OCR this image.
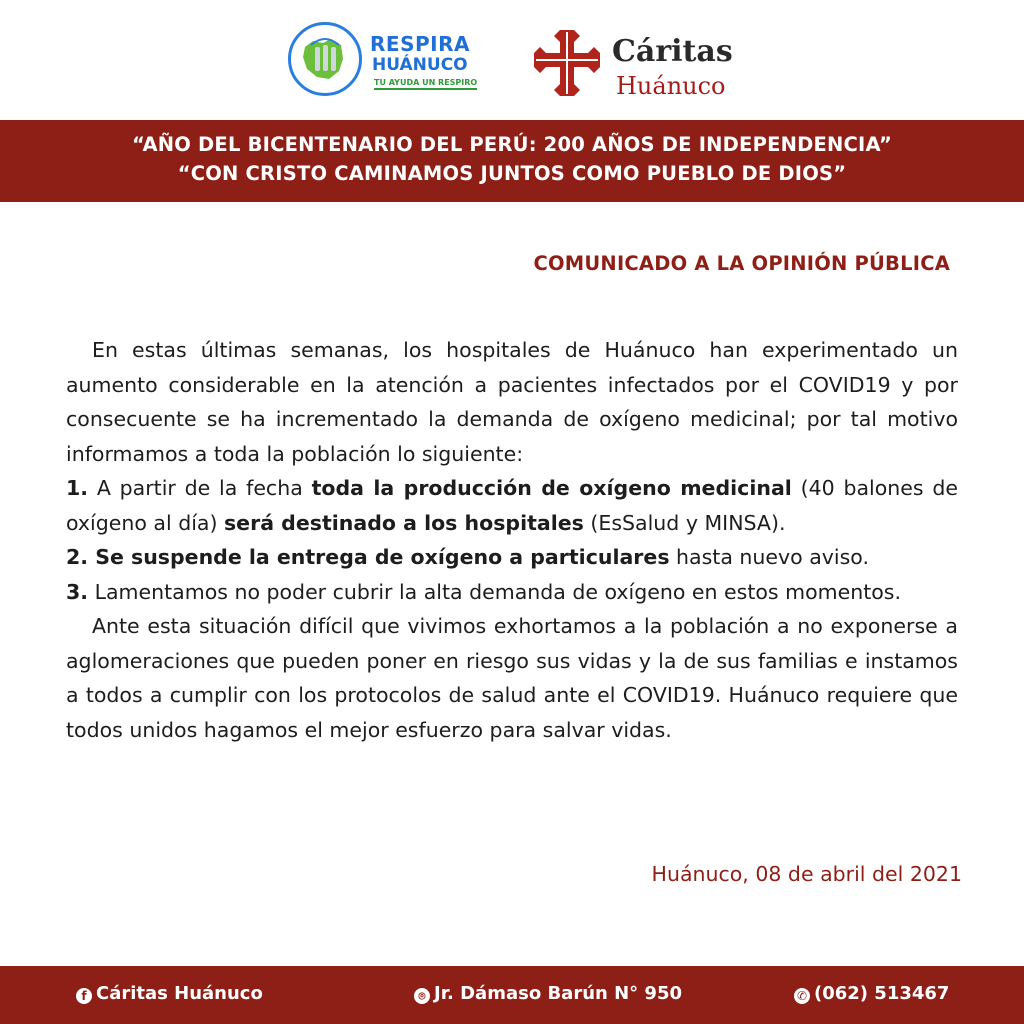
RESPIRA
HUÁNUCO
TU AYUDA UN RESPIRO
Cáritas
Huánuco
“AÑO DEL BICENTENARIO DEL PERÚ: 200 AÑOS DE INDEPENDENCIA”
“CON CRISTO CAMINAMOS JUNTOS COMO PUEBLO DE DIOS”
COMUNICADO A LA OPINIÓN PÚBLICA

En estas últimas semanas, los hospitales de Huánuco han experimentado un aumento considerable en la atención a pacientes infectados por el COVID19 y por consecuente se ha incrementado la demanda de oxígeno medicinal; por tal motivo informamos a toda la población lo siguiente:

1. A partir de la fecha toda la producción de oxígeno medicinal (40 balones de oxígeno al día) será destinado a los hospitales (EsSalud y MINSA).

2. Se suspende la entrega de oxígeno a particulares hasta nuevo aviso.

3. Lamentamos no poder cubrir la alta demanda de oxígeno en estos momentos.

Ante esta situación difícil que vivimos exhortamos a la población a no exponerse a aglomeraciones que pueden poner en riesgo sus vidas y la de sus familias e instamos a todos a cumplir con los protocolos de salud ante el COVID19. Huánuco requiere que todos unidos hagamos el mejor esfuerzo para salvar vidas.

Huánuco, 08 de abril del 2021
f Cáritas Huánuco	⌾ Jr. Dámaso Barún N° 950	✆ (062) 513467
